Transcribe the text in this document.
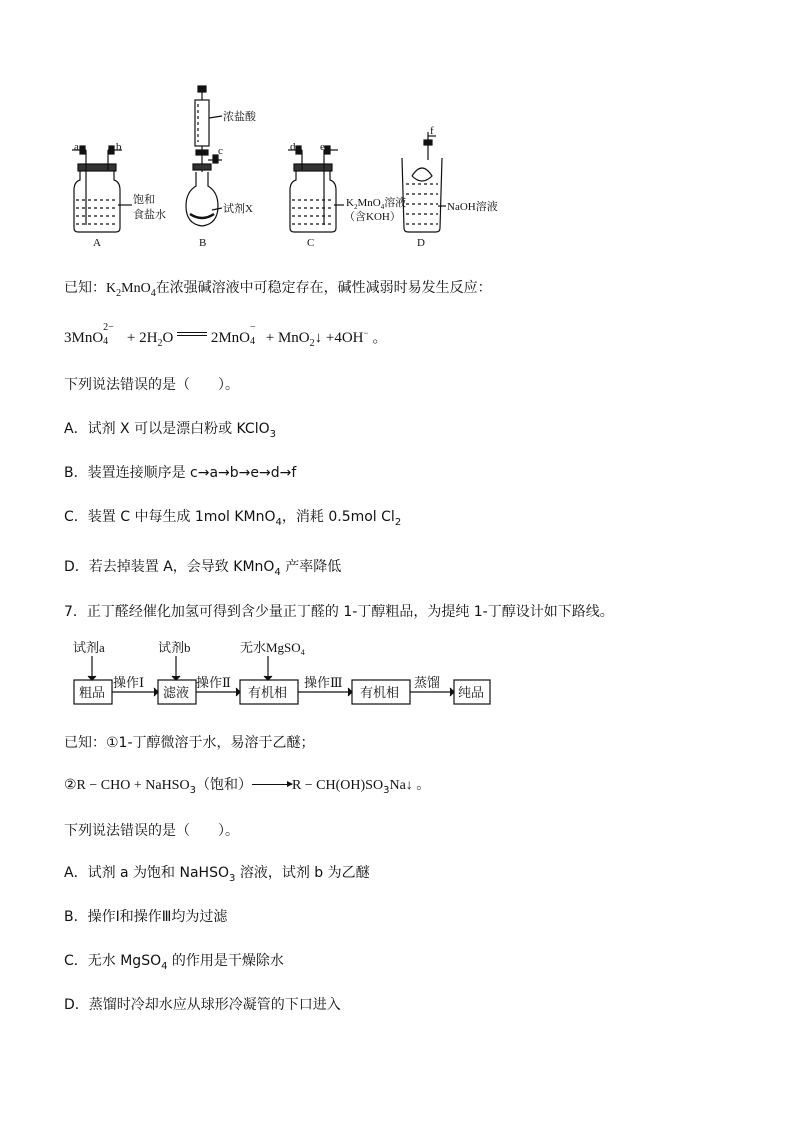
a	b
饱和
食盐水
A
浓盐酸
c
试剂X
B
d e
$K_2MnO_4$溶液
（含KOH）
C
f
NaOH溶液
D
已知：$K_2MnO_4$在浓强碱溶液中可稳定存在，碱性减弱时易发生反应：
3MnO
2−
$4 + 2H_2O$	2MnO
−
4 + MnO$_2$↓ +4OH− 。
下列说法错误的是（　　）。
A．试剂 X 可以是漂白粉或 KClO$_3$
B．装置连接顺序是 c→a→b→e→d→f
C．装置 C 中每生成 1mol KMnO$_4$，消耗 0.5mol $Cl_2$
D．若去掉装置 A，会导致 KMnO$_4$ 产率降低
7．正丁醛经催化加氢可得到含少量正丁醛的 1-丁醇粗品，为提纯 1-丁醇设计如下路线。
试剂a	试剂b	无水MgSO$_4$
粗品	滤液	有机相	有机相	纯品
操作Ⅰ	操作Ⅱ	操作Ⅲ	蒸馏
已知：①1-丁醇微溶于水，易溶于乙醚；
②R − CHO + NaHSO$_3$（饱和）$\to R - CH(OH)SO_3Na↓$ 。
下列说法错误的是（　　）。
A．试剂 a 为饱和 NaHSO$_3$ 溶液，试剂 b 为乙醚
B．操作Ⅰ和操作Ⅲ均为过滤
C．无水 MgSO$_4$ 的作用是干燥除水
D．蒸馏时冷却水应从球形冷凝管的下口进入
